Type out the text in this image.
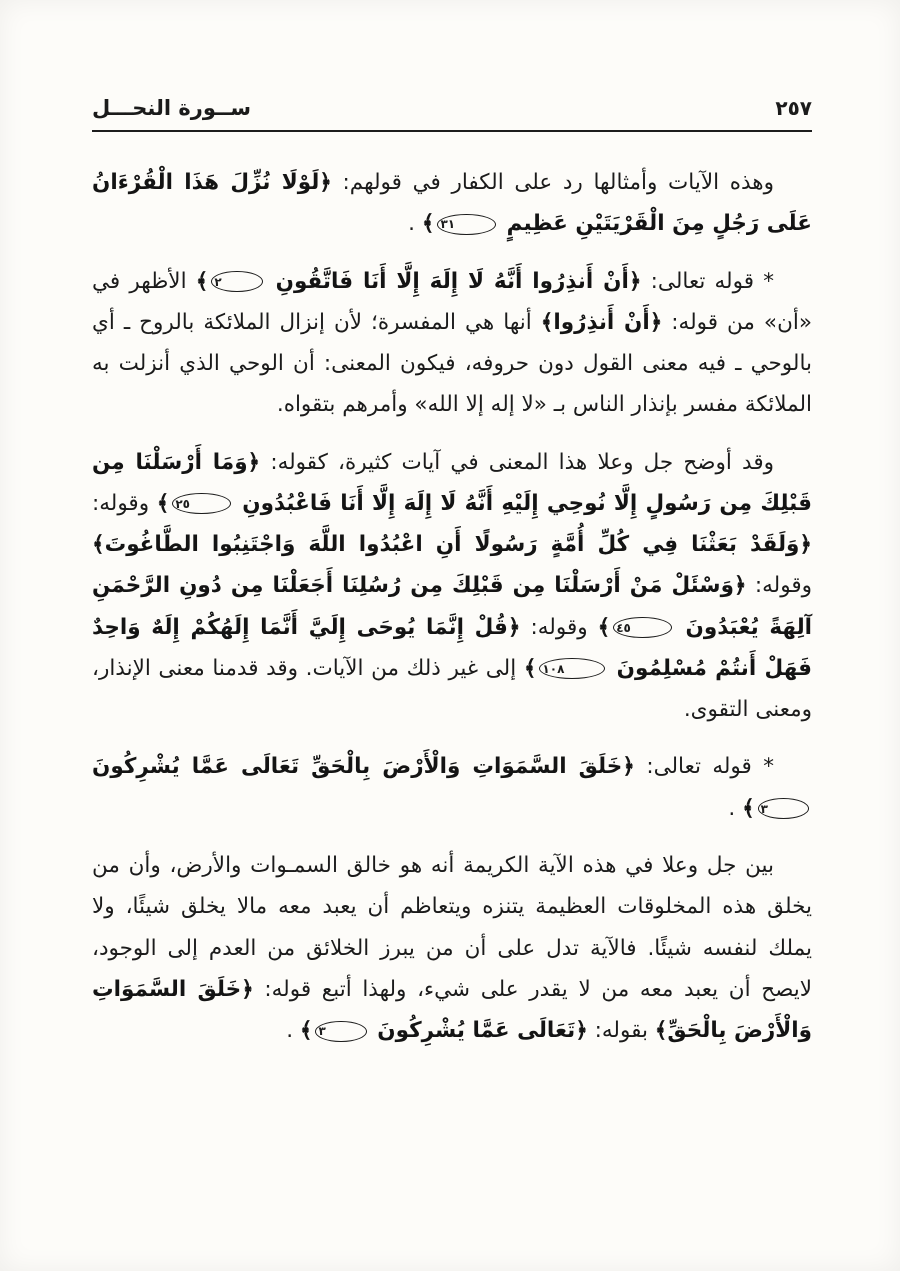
٢٥٧
ســورة النحـــل

وهذه الآيات وأمثالها رد على الكفار في قولهم: ﴿لَوْلَا نُزِّلَ هَذَا الْقُرْءَانُ عَلَى رَجُلٍ مِنَ الْقَرْيَتَيْنِ عَظِيمٍ ٣١﴾ .

* قوله تعالى: ﴿أَنْ أَنذِرُوا أَنَّهُ لَا إِلَهَ إِلَّا أَنَا فَاتَّقُونِ ٢﴾ الأظهر في «أن» من قوله: ﴿أَنْ أَنذِرُوا﴾ أنها هي المفسرة؛ لأن إنزال الملائكة بالروح ـ أي بالوحي ـ فيه معنى القول دون حروفه، فيكون المعنى: أن الوحي الذي أنزلت به الملائكة مفسر بإنذار الناس بـ «لا إله إلا الله» وأمرهم بتقواه.

وقد أوضح جل وعلا هذا المعنى في آيات كثيرة، كقوله: ﴿وَمَا أَرْسَلْنَا مِن قَبْلِكَ مِن رَسُولٍ إِلَّا نُوحِي إِلَيْهِ أَنَّهُ لَا إِلَهَ إِلَّا أَنَا فَاعْبُدُونِ ٢٥﴾ وقوله: ﴿وَلَقَدْ بَعَثْنَا فِي كُلِّ أُمَّةٍ رَسُولًا أَنِ اعْبُدُوا اللَّهَ وَاجْتَنِبُوا الطَّاغُوتَ﴾ وقوله: ﴿وَسْئَلْ مَنْ أَرْسَلْنَا مِن قَبْلِكَ مِن رُسُلِنَا أَجَعَلْنَا مِن دُونِ الرَّحْمَنِ آلِهَةً يُعْبَدُونَ ٤٥﴾ وقوله: ﴿قُلْ إِنَّمَا يُوحَى إِلَيَّ أَنَّمَا إِلَهُكُمْ إِلَهٌ وَاحِدٌ فَهَلْ أَنتُمْ مُسْلِمُونَ ١٠٨﴾ إلى غير ذلك من الآيات. وقد قدمنا معنى الإنذار، ومعنى التقوى.

* قوله تعالى: ﴿خَلَقَ السَّمَوَاتِ وَالْأَرْضَ بِالْحَقِّ تَعَالَى عَمَّا يُشْرِكُونَ ٣﴾ .

بين جل وعلا في هذه الآية الكريمة أنه هو خالق السمـوات والأرض، وأن من يخلق هذه المخلوقات العظيمة يتنزه ويتعاظم أن يعبد معه مالا يخلق شيئًا، ولا يملك لنفسه شيئًا. فالآية تدل على أن من يبرز الخلائق من العدم إلى الوجود، لايصح أن يعبد معه من لا يقدر على شيء، ولهذا أتبع قوله: ﴿خَلَقَ السَّمَوَاتِ وَالْأَرْضَ بِالْحَقِّ﴾ بقوله: ﴿تَعَالَى عَمَّا يُشْرِكُونَ ٣﴾ .
